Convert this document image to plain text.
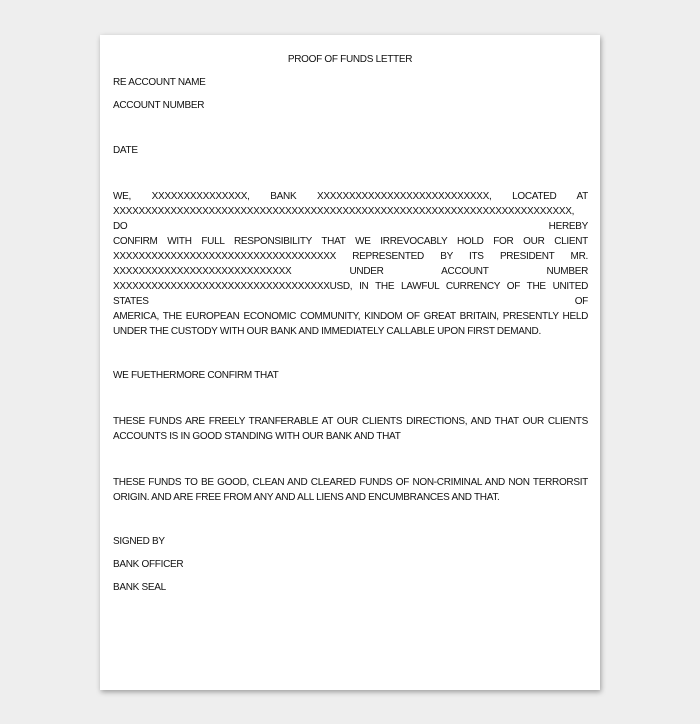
PROOF OF FUNDS LETTER
RE ACCOUNT NAME
ACCOUNT NUMBER
DATE
WE, XXXXXXXXXXXXXXX, BANK XXXXXXXXXXXXXXXXXXXXXXXXXXX, LOCATED AT
XXXXXXXXXXXXXXXXXXXXXXXXXXXXXXXXXXXXXXXXXXXXXXXXXXXXXXXXXXXXXXXXXXXXXXXX, DO HEREBY
CONFIRM WITH FULL RESPONSIBILITY THAT WE IRREVOCABLY HOLD FOR OUR CLIENT
XXXXXXXXXXXXXXXXXXXXXXXXXXXXXXXXXXX REPRESENTED BY ITS PRESIDENT MR.
XXXXXXXXXXXXXXXXXXXXXXXXXXXX UNDER ACCOUNT NUMBER
XXXXXXXXXXXXXXXXXXXXXXXXXXXXXXXXXXUSD, IN THE LAWFUL CURRENCY OF THE UNITED STATES OF
AMERICA, THE EUROPEAN ECONOMIC COMMUNITY, KINDOM OF GREAT BRITAIN, PRESENTLY HELD
UNDER THE CUSTODY WITH OUR BANK AND IMMEDIATELY CALLABLE UPON FIRST DEMAND.
WE FUETHERMORE CONFIRM THAT
THESE FUNDS ARE FREELY TRANFERABLE AT OUR CLIENTS DIRECTIONS, AND THAT OUR CLIENTS
ACCOUNTS IS IN GOOD STANDING WITH OUR BANK AND THAT
THESE FUNDS TO BE GOOD, CLEAN AND CLEARED FUNDS OF NON-CRIMINAL AND NON TERRORSIT
ORIGIN. AND ARE FREE FROM ANY AND ALL LIENS AND ENCUMBRANCES AND THAT.
SIGNED BY
BANK OFFICER
BANK SEAL
